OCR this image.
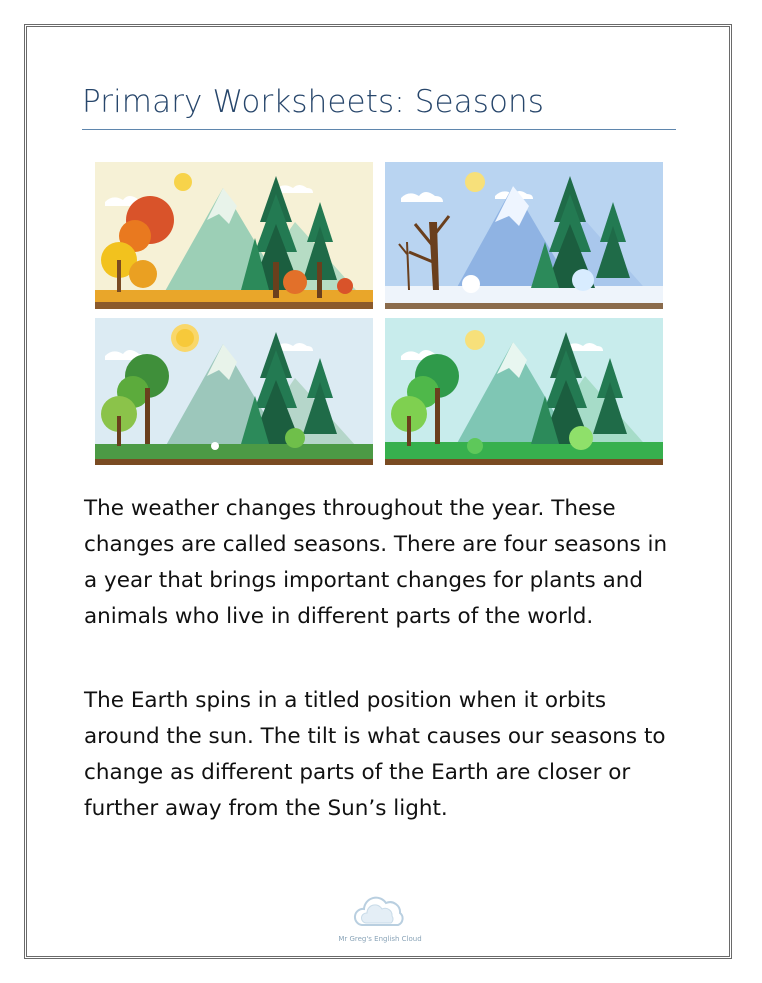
Primary Worksheets: Seasons

The weather changes throughout the year. These changes are called seasons. There are four seasons in a year that brings important changes for plants and animals who live in different parts of the world.

The Earth spins in a titled position when it orbits around the sun. The tilt is what causes our seasons to change as different parts of the Earth are closer or further away from the Sun’s light.

Mr Greg's English Cloud
